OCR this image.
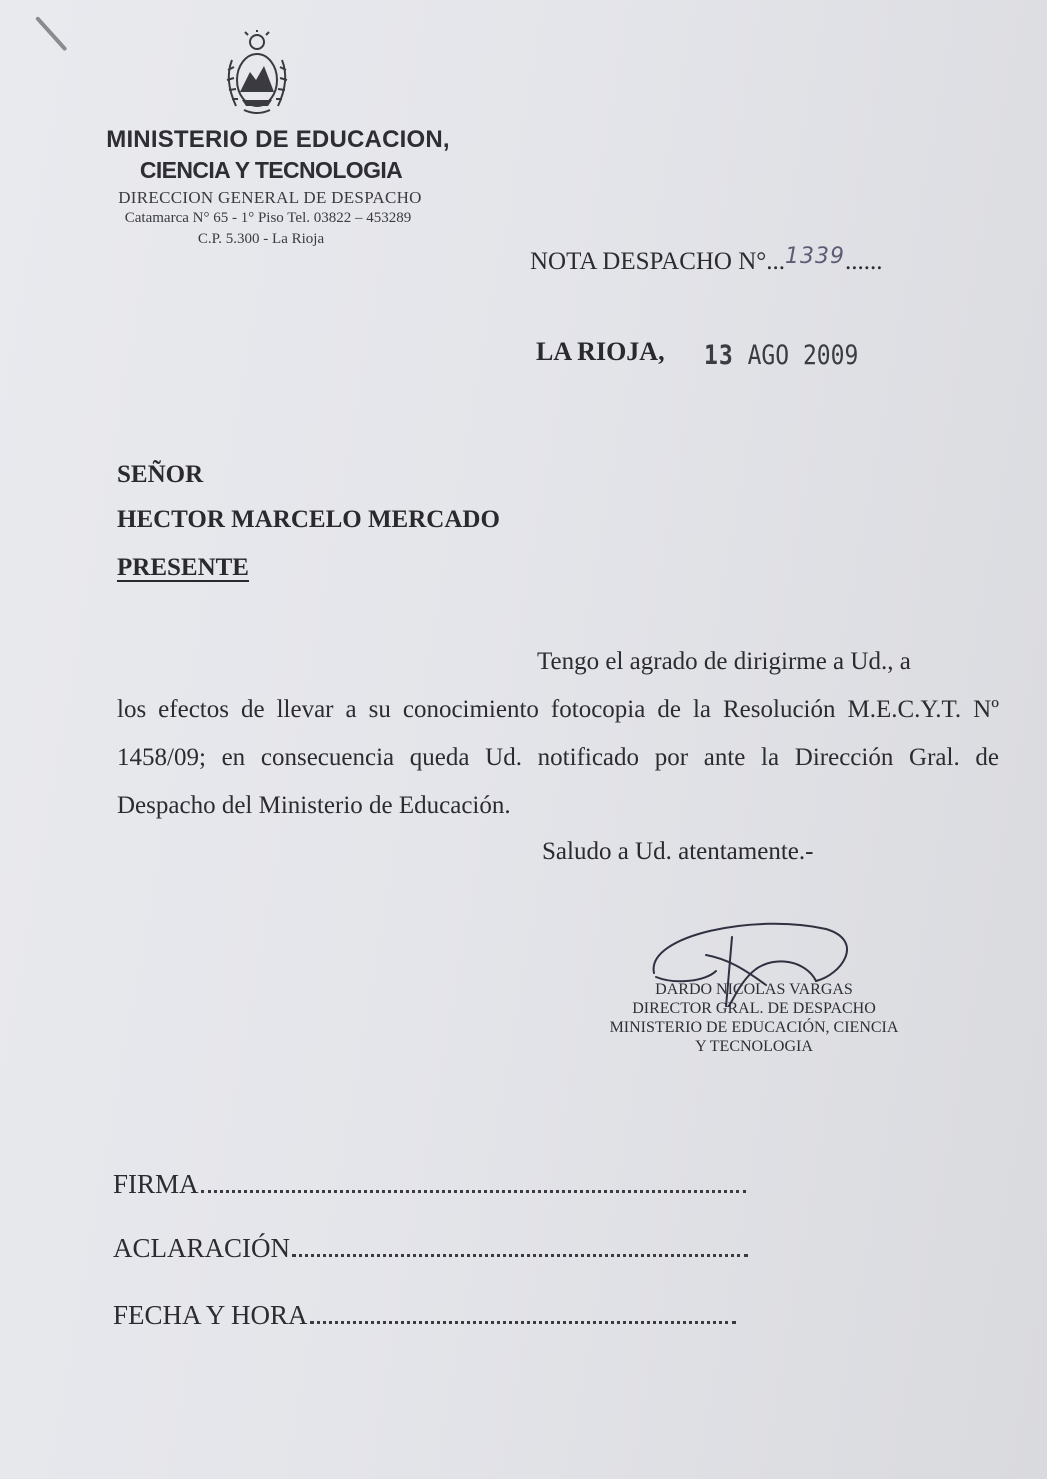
MINISTERIO DE EDUCACION,
CIENCIA Y TECNOLOGIA
DIRECCION GENERAL DE DESPACHO
Catamarca N° 65 - 1° Piso Tel. 03822 – 453289
C.P. 5.300 - La Rioja
NOTA DESPACHO N°...1339......
LA RIOJA, 13 AGO 2009
SEÑOR
HECTOR MARCELO MERCADO
PRESENTE
Tengo el agrado de dirigirme a Ud., a
los efectos de llevar a su conocimiento fotocopia de la Resolución M.E.C.Y.T. Nº 1458/09; en consecuencia queda Ud. notificado por ante la Dirección Gral. de Despacho del Ministerio de Educación.
Saludo a Ud. atentamente.-
DARDO NICOLAS VARGAS
DIRECTOR GRAL. DE DESPACHO
MINISTERIO DE EDUCACIÓN, CIENCIA
Y TECNOLOGIA
FIRMA
ACLARACIÓN
FECHA Y HORA
